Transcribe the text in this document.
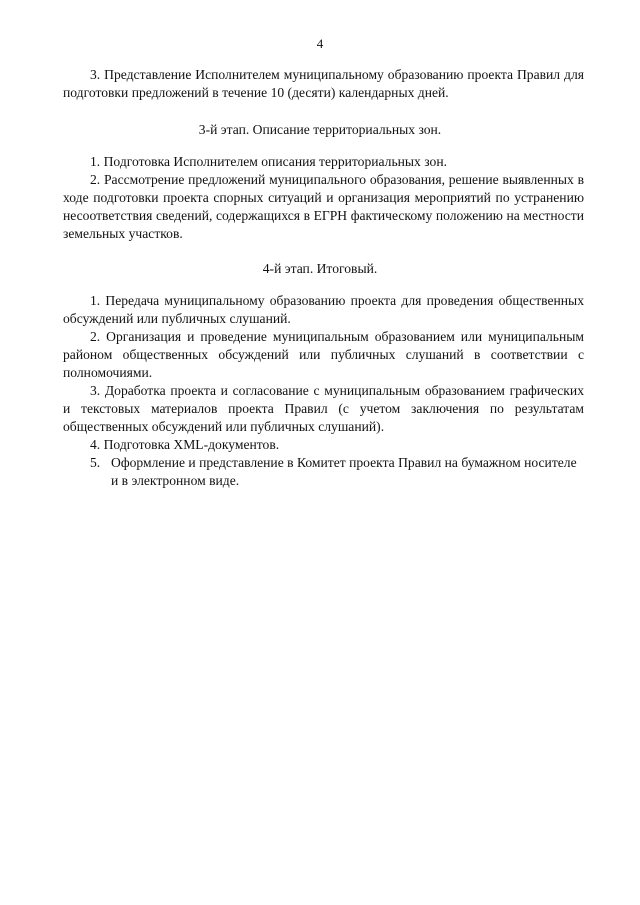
4

3. Представление Исполнителем муниципальному образованию проекта Правил для подготовки предложений в течение 10 (десяти) календарных дней.

3-й этап. Описание территориальных зон.

1. Подготовка Исполнителем описания территориальных зон.

2. Рассмотрение предложений муниципального образования, решение выявленных в ходе подготовки проекта спорных ситуаций и организация мероприятий по устранению несоответствия сведений, содержащихся в ЕГРН фактическому положению на местности земельных участков.

4-й этап. Итоговый.

1. Передача муниципальному образованию проекта для проведения общественных обсуждений или публичных слушаний.

2. Организация и проведение муниципальным образованием или муниципальным районом общественных обсуждений или публичных слушаний в соответствии с полномочиями.

3. Доработка проекта и согласование с муниципальным образованием графических и текстовых материалов проекта Правил (с учетом заключения по результатам общественных обсуждений или публичных слушаний).

4. Подготовка XML-документов.

5. Оформление и представление в Комитет проекта Правил на бумажном носителе и в электронном виде.
